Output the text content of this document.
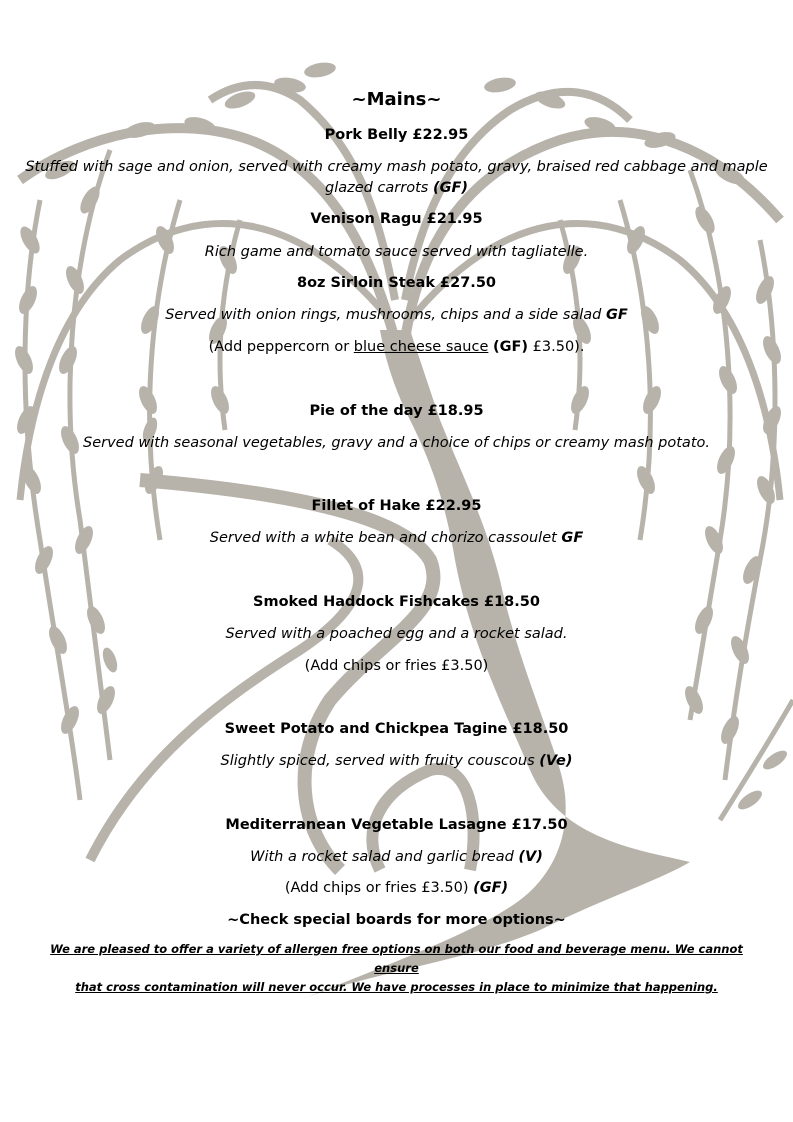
~Mains~
Pork Belly £22.95
Stuffed with sage and onion, served with creamy mash potato, gravy, braised red cabbage and maple
glazed carrots (GF)
Venison Ragu £21.95
Rich game and tomato sauce served with tagliatelle.
8oz Sirloin Steak £27.50
Served with onion rings, mushrooms, chips and a side salad GF
(Add peppercorn or blue cheese sauce (GF) £3.50).
Pie of the day £18.95
Served with seasonal vegetables, gravy and a choice of chips or creamy mash potato.
Fillet of Hake £22.95
Served with a white bean and chorizo cassoulet GF
Smoked Haddock Fishcakes £18.50
Served with a poached egg and a rocket salad.
(Add chips or fries £3.50)
Sweet Potato and Chickpea Tagine £18.50
Slightly spiced, served with fruity couscous (Ve)
Mediterranean Vegetable Lasagne £17.50
With a rocket salad and garlic bread (V)
(Add chips or fries £3.50) (GF)
~Check special boards for more options~
We are pleased to offer a variety of allergen free options on both our food and beverage menu. We cannot ensure
that cross contamination will never occur. We have processes in place to minimize that happening.
